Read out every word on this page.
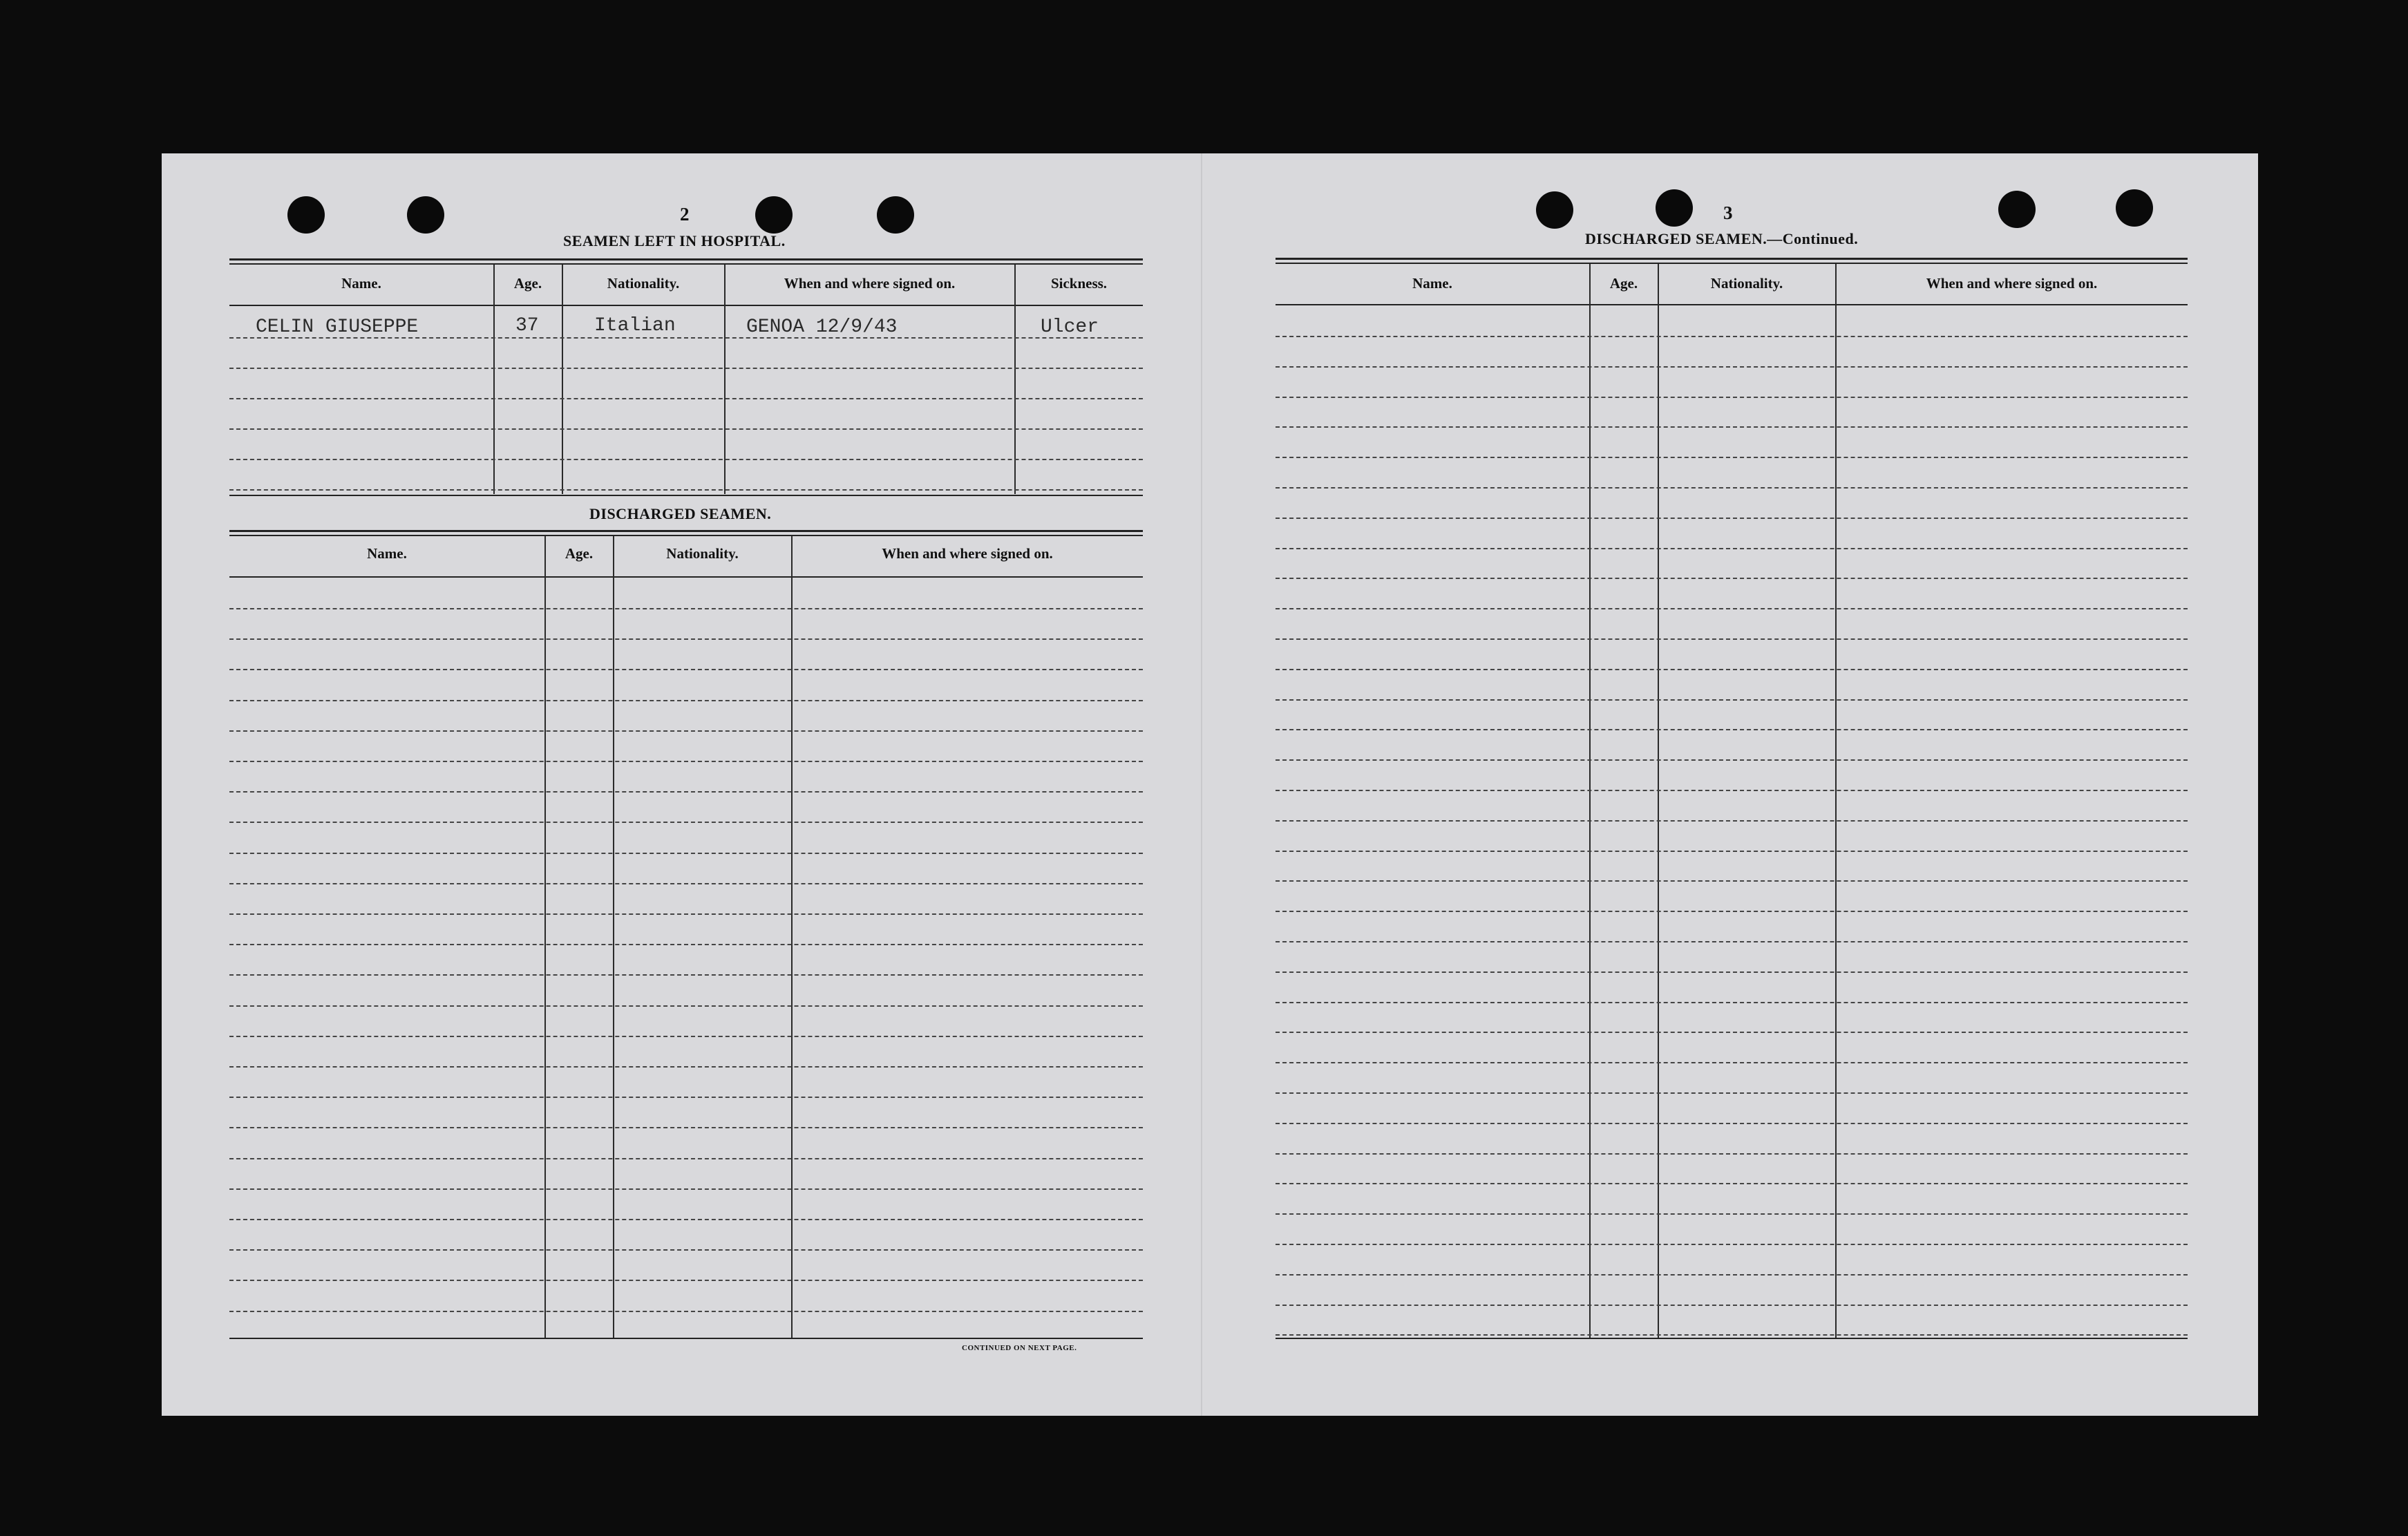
2
SEAMEN LEFT IN HOSPITAL.
Name.	Age.	Nationality.	When and where signed on.	Sickness.
CELIN GIUSEPPE	37	Italian	GENOA 12/9/43	Ulcer
DISCHARGED SEAMEN.
Name.	Age.	Nationality.	When and where signed on.
CONTINUED ON NEXT PAGE.
3
DISCHARGED SEAMEN.—Continued.
Name.	Age.	Nationality.	When and where signed on.
